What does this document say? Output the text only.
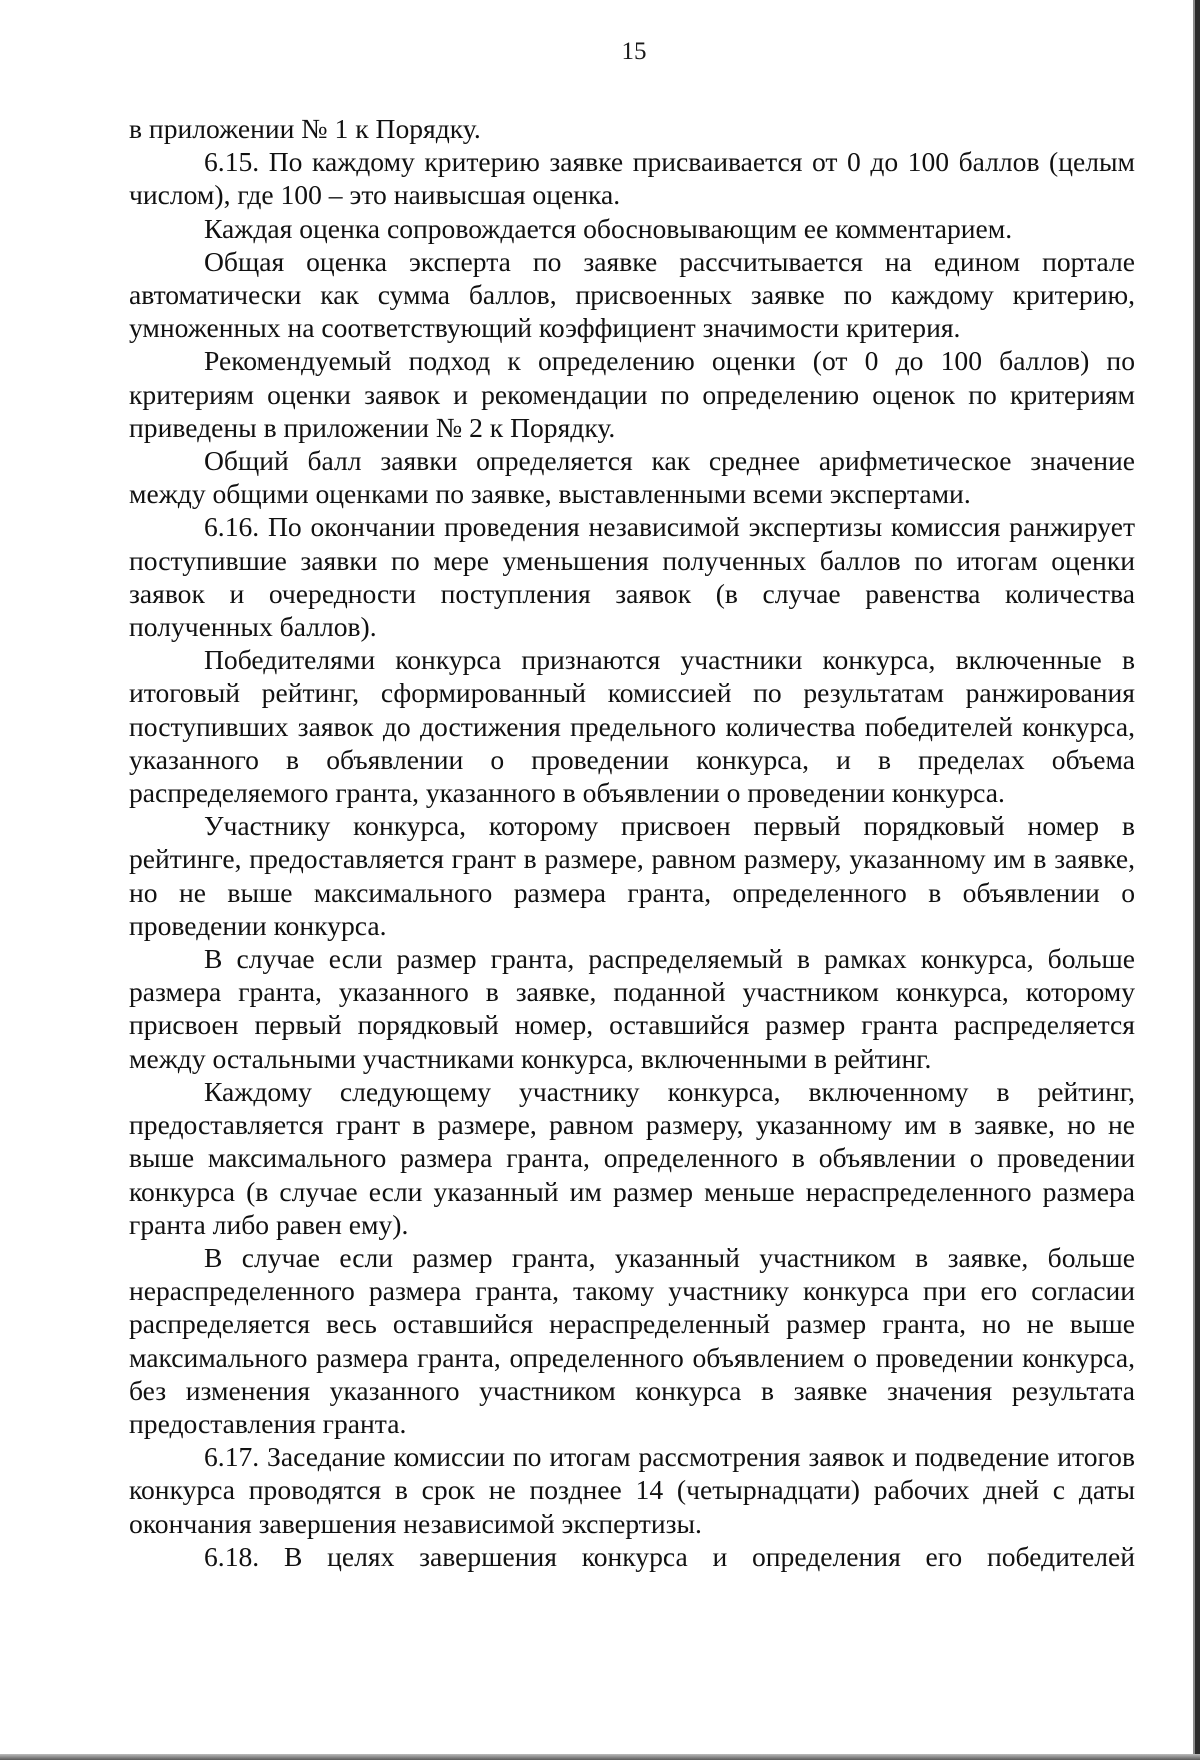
15

в приложении № 1 к Порядку.

6.15. По каждому критерию заявке присваивается от 0 до 100 баллов (целым числом), где 100 – это наивысшая оценка.

Каждая оценка сопровождается обосновывающим ее комментарием.

Общая оценка эксперта по заявке рассчитывается на едином портале автоматически как сумма баллов, присвоенных заявке по каждому критерию, умноженных на соответствующий коэффициент значимости критерия.

Рекомендуемый подход к определению оценки (от 0 до 100 баллов) по критериям оценки заявок и рекомендации по определению оценок по критериям приведены в приложении № 2 к Порядку.

Общий балл заявки определяется как среднее арифметическое значение между общими оценками по заявке, выставленными всеми экспертами.

6.16. По окончании проведения независимой экспертизы комиссия ранжирует поступившие заявки по мере уменьшения полученных баллов по итогам оценки заявок и очередности поступления заявок (в случае равенства количества полученных баллов).

Победителями конкурса признаются участники конкурса, включенные в итоговый рейтинг, сформированный комиссией по результатам ранжирования поступивших заявок до достижения предельного количества победителей конкурса, указанного в объявлении о проведении конкурса, и в пределах объема распределяемого гранта, указанного в объявлении о проведении конкурса.

Участнику конкурса, которому присвоен первый порядковый номер в рейтинге, предоставляется грант в размере, равном размеру, указанному им в заявке, но не выше максимального размера гранта, определенного в объявлении о проведении конкурса.

В случае если размер гранта, распределяемый в рамках конкурса, больше размера гранта, указанного в заявке, поданной участником конкурса, которому присвоен первый порядковый номер, оставшийся размер гранта распределяется между остальными участниками конкурса, включенными в рейтинг.

Каждому следующему участнику конкурса, включенному в рейтинг, предоставляется грант в размере, равном размеру, указанному им в заявке, но не выше максимального размера гранта, определенного в объявлении о проведении конкурса (в случае если указанный им размер меньше нераспределенного размера гранта либо равен ему).

В случае если размер гранта, указанный участником в заявке, больше нераспределенного размера гранта, такому участнику конкурса при его согласии распределяется весь оставшийся нераспределенный размер гранта, но не выше максимального размера гранта, определенного объявлением о проведении конкурса, без изменения указанного участником конкурса в заявке значения результата предоставления гранта.

6.17. Заседание комиссии по итогам рассмотрения заявок и подведение итогов конкурса проводятся в срок не позднее 14 (четырнадцати) рабочих дней с даты окончания завершения независимой экспертизы.

6.18. В целях завершения конкурса и определения его победителей
